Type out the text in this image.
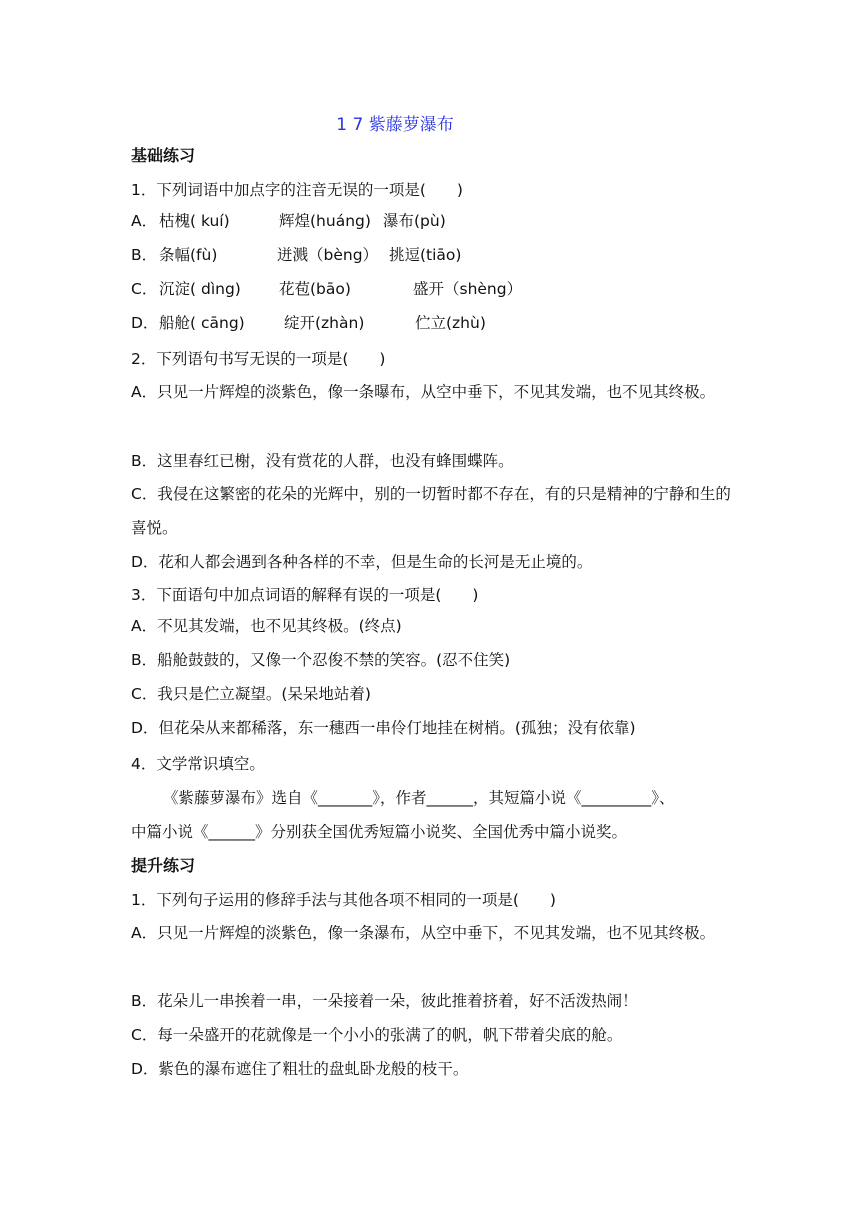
1 7 紫藤萝瀑布
基础练习
1．下列词语中加点字的注音无误的一项是(　　)
A． 枯槐( kuí)	辉煌(huáng) 瀑布(pù)
B． 条幅(fù)	迸溅（bèng） 挑逗(tiāo)
C． 沉淀( dìng) 花苞(bāo)	盛开（shèng）
D． 船舱( cāng)	绽开(zhàn)	伫立(zhù)
2．下列语句书写无误的一项是(　　)
A．只见一片辉煌的淡紫色，像一条曝布，从空中垂下，不见其发端，也不见其终极。
B．这里春红已榭，没有赏花的人群，也没有蜂围蝶阵。
C．我侵在这繁密的花朵的光辉中，别的一切暂时都不存在，有的只是精神的宁静和生的喜悦。
D．花和人都会遇到各种各样的不幸，但是生命的长河是无止境的。
3．下面语句中加点词语的解释有误的一项是(　　)
A．不见其发端，也不见其终极。(终点)
B．船舱鼓鼓的，又像一个忍俊不禁的笑容。(忍不住笑)
C．我只是伫立凝望。(呆呆地站着)
D．但花朵从来都稀落，东一穗西一串伶仃地挂在树梢。(孤独；没有依靠)
4．文学常识填空。
《紫藤萝瀑布》选自《_______》，作者______，其短篇小说《_________》、
中篇小说《______》分别获全国优秀短篇小说奖、全国优秀中篇小说奖。
提升练习
1．下列句子运用的修辞手法与其他各项不相同的一项是(　　)
A．只见一片辉煌的淡紫色，像一条瀑布，从空中垂下，不见其发端，也不见其终极。
B．花朵儿一串挨着一串，一朵接着一朵，彼此推着挤着，好不活泼热闹！
C．每一朵盛开的花就像是一个小小的张满了的帆，帆下带着尖底的舱。
D．紫色的瀑布遮住了粗壮的盘虬卧龙般的枝干。
